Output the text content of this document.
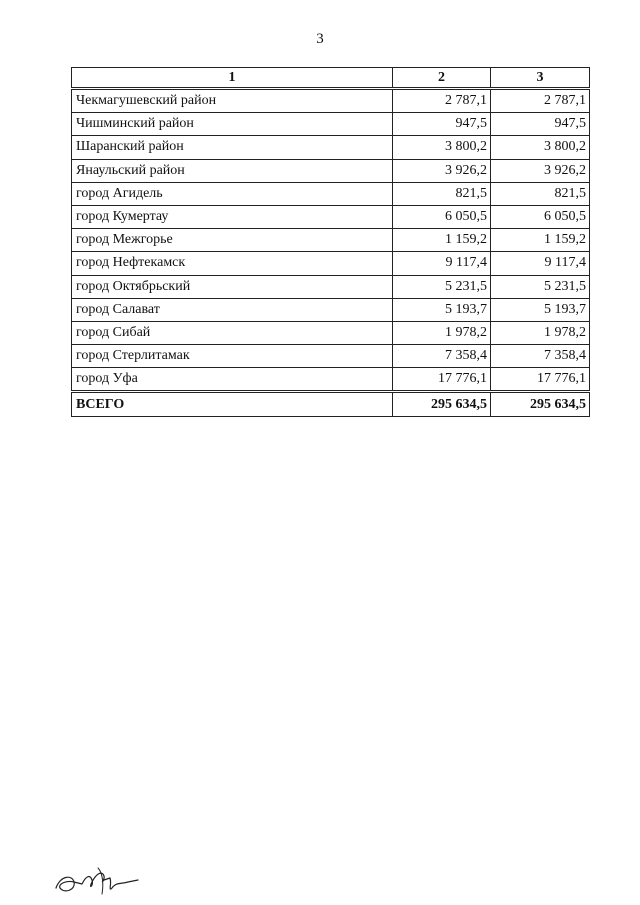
3
1	2	3
Чекмагушевский район	2 787,1	2 787,1
Чишминский район	947,5	947,5
Шаранский район	3 800,2	3 800,2
Янаульский район	3 926,2	3 926,2
город Агидель	821,5	821,5
город Кумертау	6 050,5	6 050,5
город Межгорье	1 159,2	1 159,2
город Нефтекамск	9 117,4	9 117,4
город Октябрьский	5 231,5	5 231,5
город Салават	5 193,7	5 193,7
город Сибай	1 978,2	1 978,2
город Стерлитамак	7 358,4	7 358,4
город Уфа	17 776,1	17 776,1
ВСЕГО	295 634,5	295 634,5
